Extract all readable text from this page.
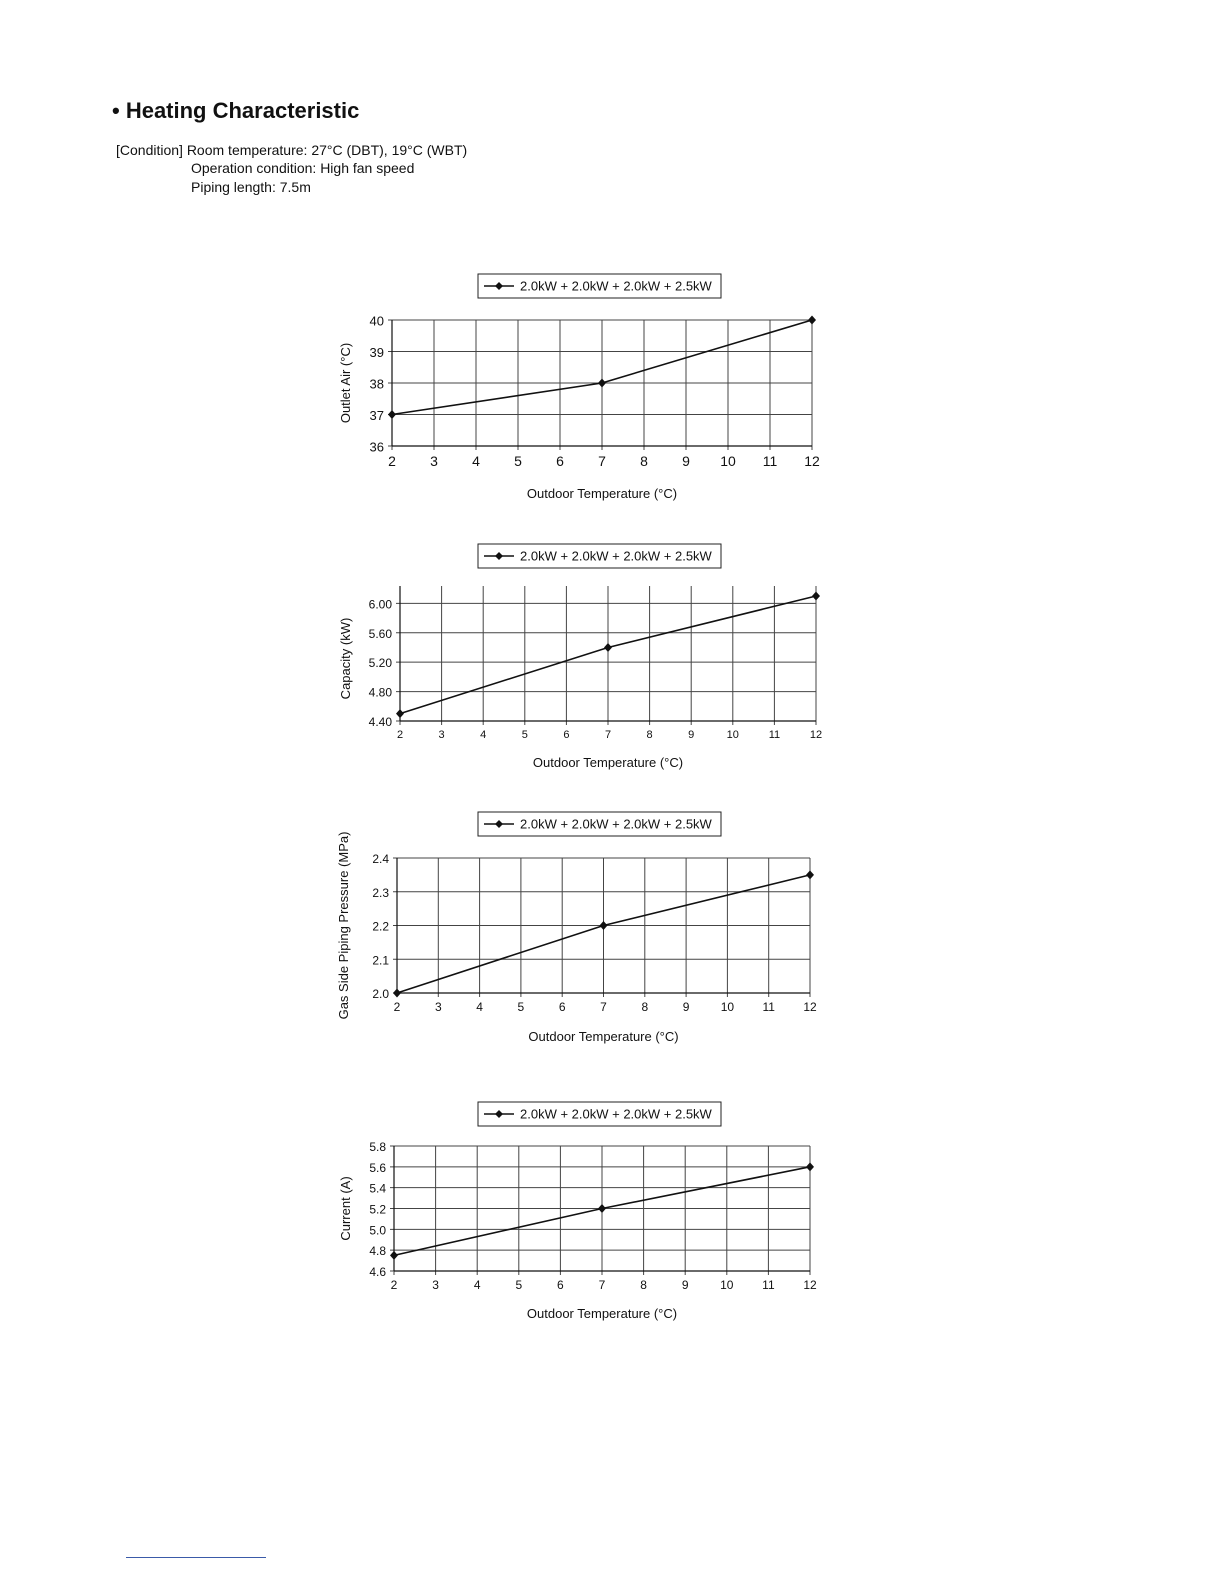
• Heating Characteristic
[Condition] Room temperature: 27°C (DBT), 19°C (WBT)
Operation condition: High fan speed
Piping length: 7.5m
2.0kW + 2.0kW + 2.0kW + 2.5kW
2 3 4 5 6 7 8 9 10 11 12
36
37
38
39
40
Outdoor Temperature (°C)
Outlet Air (°C)
2.0kW + 2.0kW + 2.0kW + 2.5kW
2	3	4	5	6	7	8	9	10	11	12
4.40
4.80
5.20
5.60
6.00
Outdoor Temperature (°C)
Capacity (kW)
2.0kW + 2.0kW + 2.0kW + 2.5kW
2	3	4	5	6	7	8	9	10 11 12
2.0
2.1
2.2
2.3
2.4
Outdoor Temperature (°C)
Gas Side Piping Pressure (MPa)
2.0kW + 2.0kW + 2.0kW + 2.5kW
2	3	4	5	6	7	8	9	10 11 12
4.6
4.8
5.0
5.2
5.4
5.6
5.8
Outdoor Temperature (°C)
Current (A)
